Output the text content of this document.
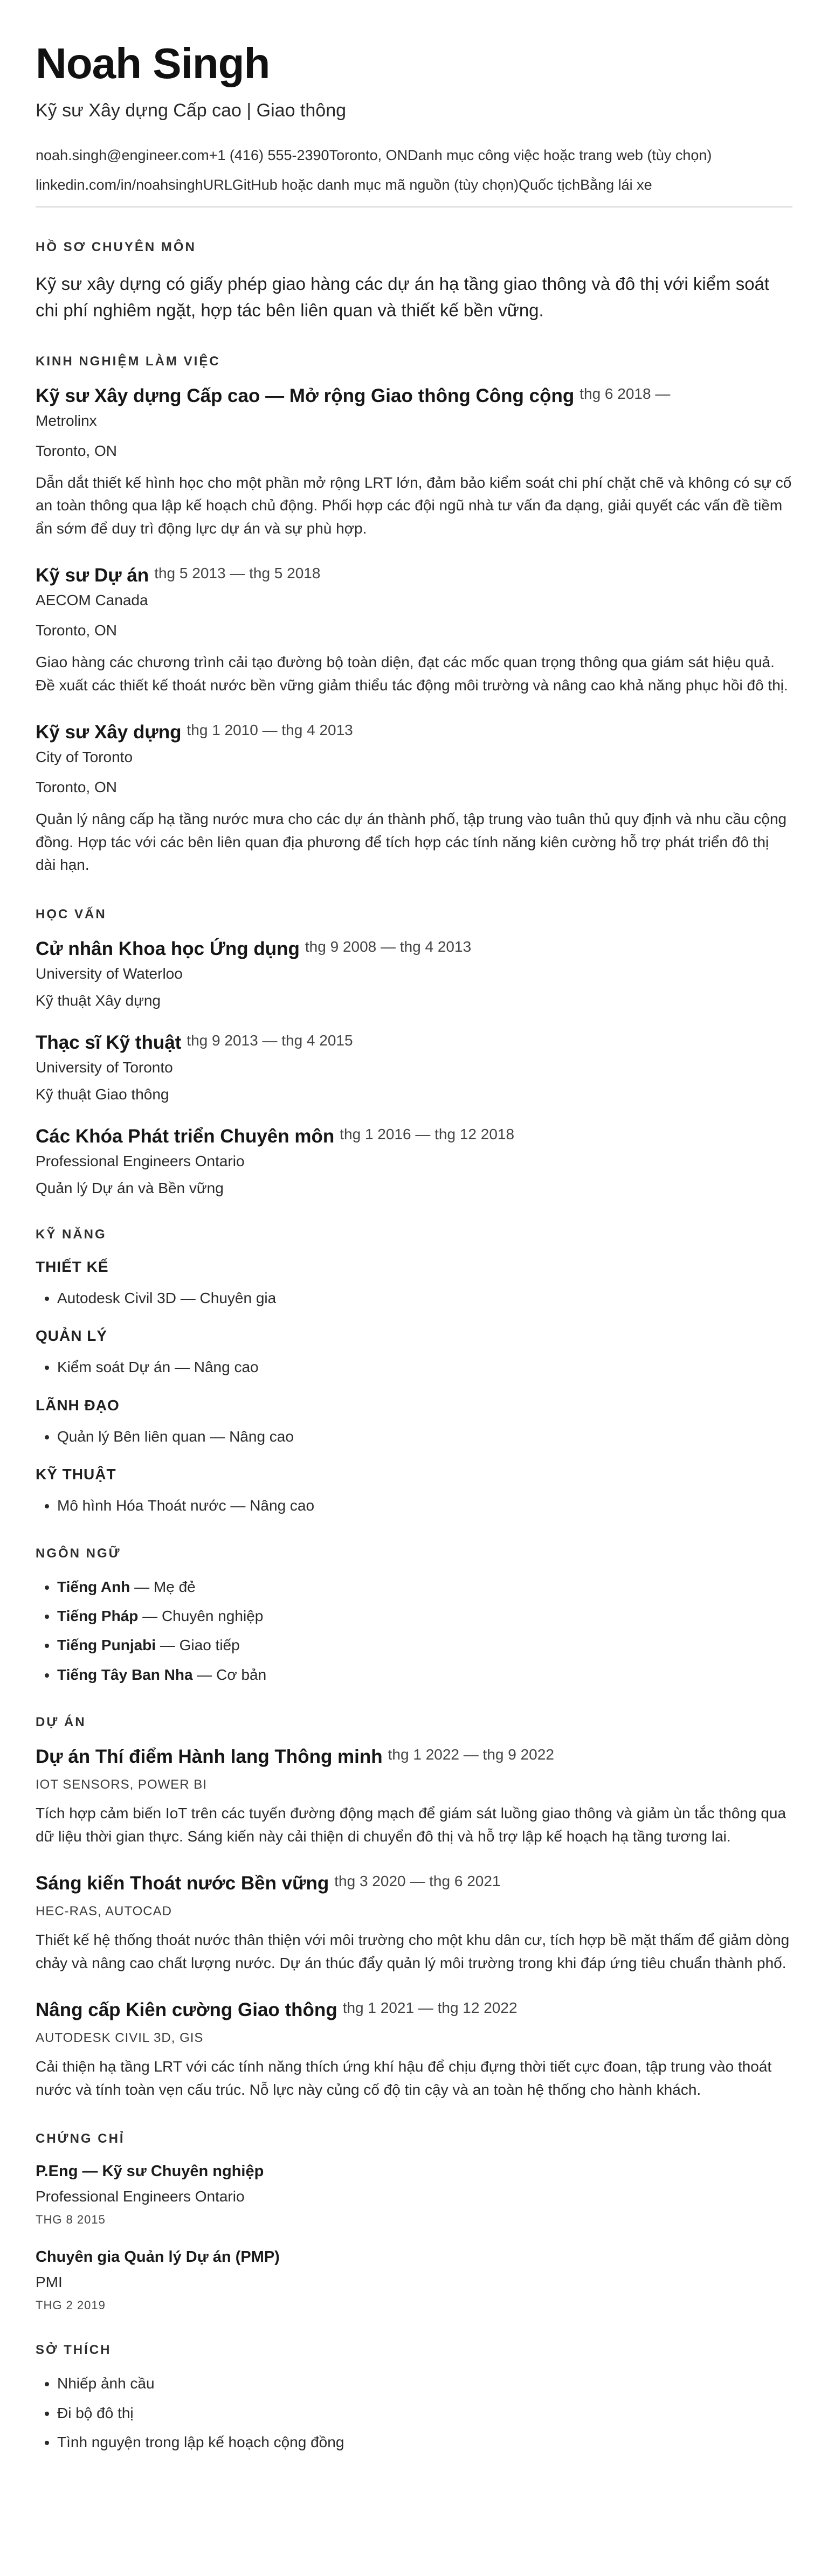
Noah Singh
Kỹ sư Xây dựng Cấp cao | Giao thông
noah.singh@engineer.com+1 (416) 555-2390Toronto, ONDanh mục công việc hoặc trang web (tùy chọn)
linkedin.com/in/noahsinghURLGitHub hoặc danh mục mã nguồn (tùy chọn)Quốc tịchBằng lái xe
HỒ SƠ CHUYÊN MÔN

Kỹ sư xây dựng có giấy phép giao hàng các dự án hạ tầng giao thông và đô thị với kiểm soát chi phí nghiêm ngặt, hợp tác bên liên quan và thiết kế bền vững.

KINH NGHIỆM LÀM VIỆC
Kỹ sư Xây dựng Cấp cao — Mở rộng Giao thông Công cộng thg 6 2018 —
Metrolinx
Toronto, ON

Dẫn dắt thiết kế hình học cho một phần mở rộng LRT lớn, đảm bảo kiểm soát chi phí chặt chẽ và không có sự cố an toàn thông qua lập kế hoạch chủ động. Phối hợp các đội ngũ nhà tư vấn đa dạng, giải quyết các vấn đề tiềm ẩn sớm để duy trì động lực dự án và sự phù hợp.

Kỹ sư Dự án thg 5 2013 — thg 5 2018
AECOM Canada
Toronto, ON

Giao hàng các chương trình cải tạo đường bộ toàn diện, đạt các mốc quan trọng thông qua giám sát hiệu quả. Đề xuất các thiết kế thoát nước bền vững giảm thiểu tác động môi trường và nâng cao khả năng phục hồi đô thị.

Kỹ sư Xây dựng thg 1 2010 — thg 4 2013
City of Toronto
Toronto, ON

Quản lý nâng cấp hạ tầng nước mưa cho các dự án thành phố, tập trung vào tuân thủ quy định và nhu cầu cộng đồng. Hợp tác với các bên liên quan địa phương để tích hợp các tính năng kiên cường hỗ trợ phát triển đô thị dài hạn.

HỌC VẤN
Cử nhân Khoa học Ứng dụng thg 9 2008 — thg 4 2013
University of Waterloo
Kỹ thuật Xây dựng
Thạc sĩ Kỹ thuật thg 9 2013 — thg 4 2015
University of Toronto
Kỹ thuật Giao thông
Các Khóa Phát triển Chuyên môn thg 1 2016 — thg 12 2018
Professional Engineers Ontario
Quản lý Dự án và Bền vững
KỸ NĂNG
THIẾT KẾ
• Autodesk Civil 3D — Chuyên gia
QUẢN LÝ
• Kiểm soát Dự án — Nâng cao
LÃNH ĐẠO
• Quản lý Bên liên quan — Nâng cao
KỸ THUẬT
• Mô hình Hóa Thoát nước — Nâng cao
NGÔN NGỮ
• Tiếng Anh — Mẹ đẻ
• Tiếng Pháp — Chuyên nghiệp
• Tiếng Punjabi — Giao tiếp
• Tiếng Tây Ban Nha — Cơ bản
DỰ ÁN
Dự án Thí điểm Hành lang Thông minh thg 1 2022 — thg 9 2022
IOT SENSORS, POWER BI

Tích hợp cảm biến IoT trên các tuyến đường động mạch để giám sát luồng giao thông và giảm ùn tắc thông qua dữ liệu thời gian thực. Sáng kiến này cải thiện di chuyển đô thị và hỗ trợ lập kế hoạch hạ tầng tương lai.

Sáng kiến Thoát nước Bền vững thg 3 2020 — thg 6 2021
HEC-RAS, AUTOCAD

Thiết kế hệ thống thoát nước thân thiện với môi trường cho một khu dân cư, tích hợp bề mặt thấm để giảm dòng chảy và nâng cao chất lượng nước. Dự án thúc đẩy quản lý môi trường trong khi đáp ứng tiêu chuẩn thành phố.

Nâng cấp Kiên cường Giao thông thg 1 2021 — thg 12 2022
AUTODESK CIVIL 3D, GIS

Cải thiện hạ tầng LRT với các tính năng thích ứng khí hậu để chịu đựng thời tiết cực đoan, tập trung vào thoát nước và tính toàn vẹn cấu trúc. Nỗ lực này củng cố độ tin cậy và an toàn hệ thống cho hành khách.

CHỨNG CHỈ
P.Eng — Kỹ sư Chuyên nghiệp
Professional Engineers Ontario
THG 8 2015
Chuyên gia Quản lý Dự án (PMP)
PMI
THG 2 2019
SỞ THÍCH
• Nhiếp ảnh cầu
• Đi bộ đô thị
• Tình nguyện trong lập kế hoạch cộng đồng
